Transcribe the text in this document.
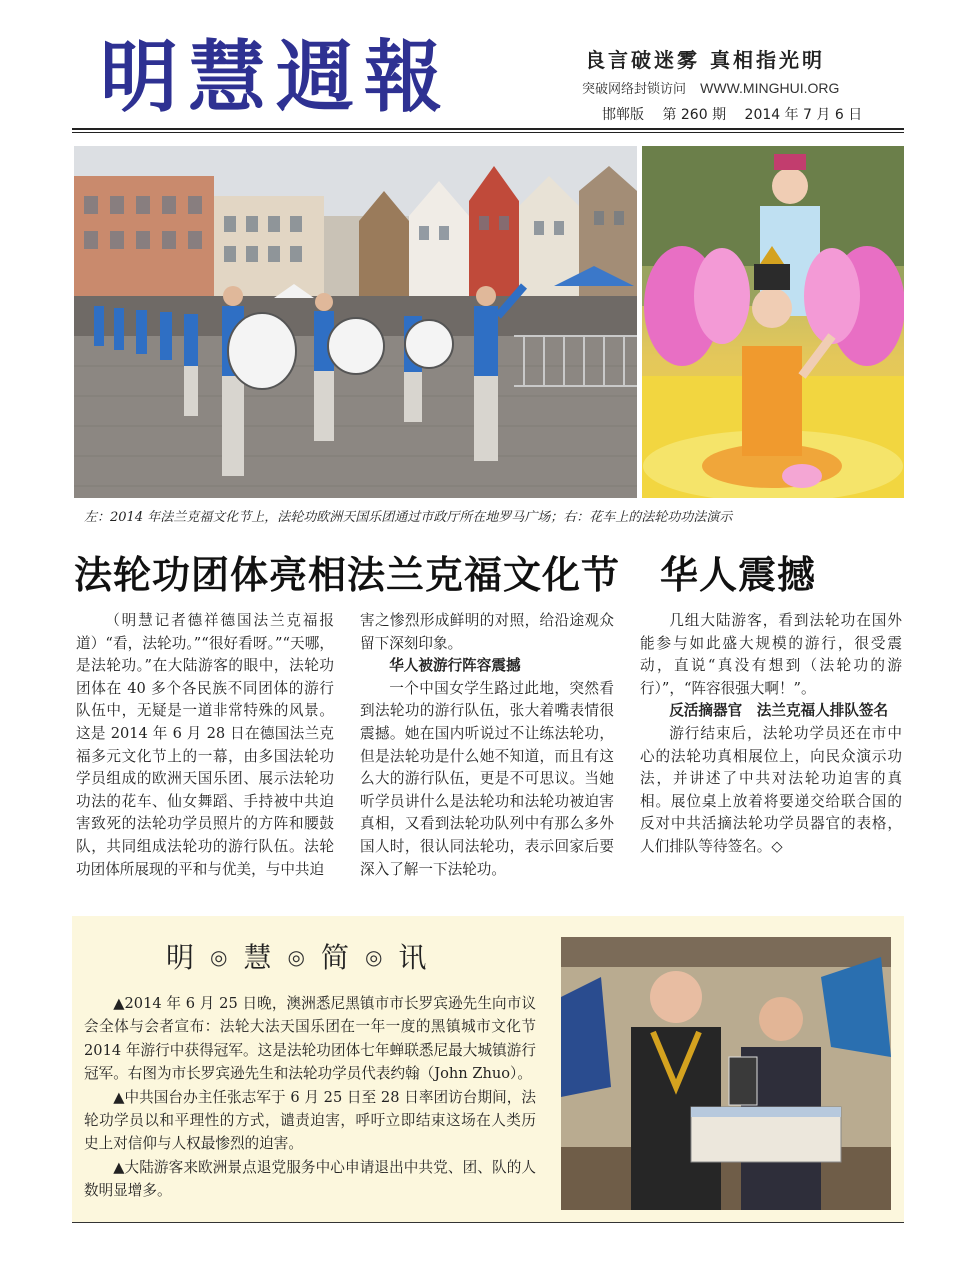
明慧週報	良言破迷雾 真相指光明
突破网络封锁访问 WWW.MINGHUI.ORG
邯郸版 第 260 期 2014 年 7 月 6 日
左：2014 年法兰克福文化节上，法轮功欧洲天国乐团通过市政厅所在地罗马广场；右：花车上的法轮功功法演示
法轮功团体亮相法兰克福文化节 华人震撼

（明慧记者德祥德国法兰克福报道）“看，法轮功。”“很好看呀。”“天哪，是法轮功。”在大陆游客的眼中，法轮功团体在 40 多个各民族不同团体的游行队伍中，无疑是一道非常特殊的风景。这是 2014 年 6 月 28 日在德国法兰克福多元文化节上的一幕，由多国法轮功学员组成的欧洲天国乐团、展示法轮功功法的花车、仙女舞蹈、手持被中共迫害致死的法轮功学员照片的方阵和腰鼓队，共同组成法轮功的游行队伍。法轮功团体所展现的平和与优美，与中共迫

害之惨烈形成鲜明的对照，给沿途观众留下深刻印象。

华人被游行阵容震撼

一个中国女学生路过此地，突然看到法轮功的游行队伍，张大着嘴表情很震撼。她在国内听说过不让练法轮功，但是法轮功是什么她不知道，而且有这么大的游行队伍，更是不可思议。当她听学员讲什么是法轮功和法轮功被迫害真相，又看到法轮功队列中有那么多外国人时，很认同法轮功，表示回家后要深入了解一下法轮功。

几组大陆游客，看到法轮功在国外能参与如此盛大规模的游行，很受震动，直说“真没有想到（法轮功的游行）”，“阵容很强大啊！”。

反活摘器官　法兰克福人排队签名

游行结束后，法轮功学员还在市中心的法轮功真相展位上，向民众演示功法，并讲述了中共对法轮功迫害的真相。展位桌上放着将要递交给联合国的反对中共活摘法轮功学员器官的表格，人们排队等待签名。◇

明 ◎ 慧 ◎ 简 ◎ 讯

▲2014 年 6 月 25 日晚，澳洲悉尼黑镇市市长罗宾逊先生向市议会全体与会者宣布：法轮大法天国乐团在一年一度的黑镇城市文化节 2014 年游行中获得冠军。这是法轮功团体七年蝉联悉尼最大城镇游行冠军。右图为市长罗宾逊先生和法轮功学员代表约翰（John Zhuo）。

▲中共国台办主任张志军于 6 月 25 日至 28 日率团访台期间，法轮功学员以和平理性的方式，谴责迫害，呼吁立即结束这场在人类历史上对信仰与人权最惨烈的迫害。

▲大陆游客来欧洲景点退党服务中心申请退出中共党、团、队的人数明显增多。
